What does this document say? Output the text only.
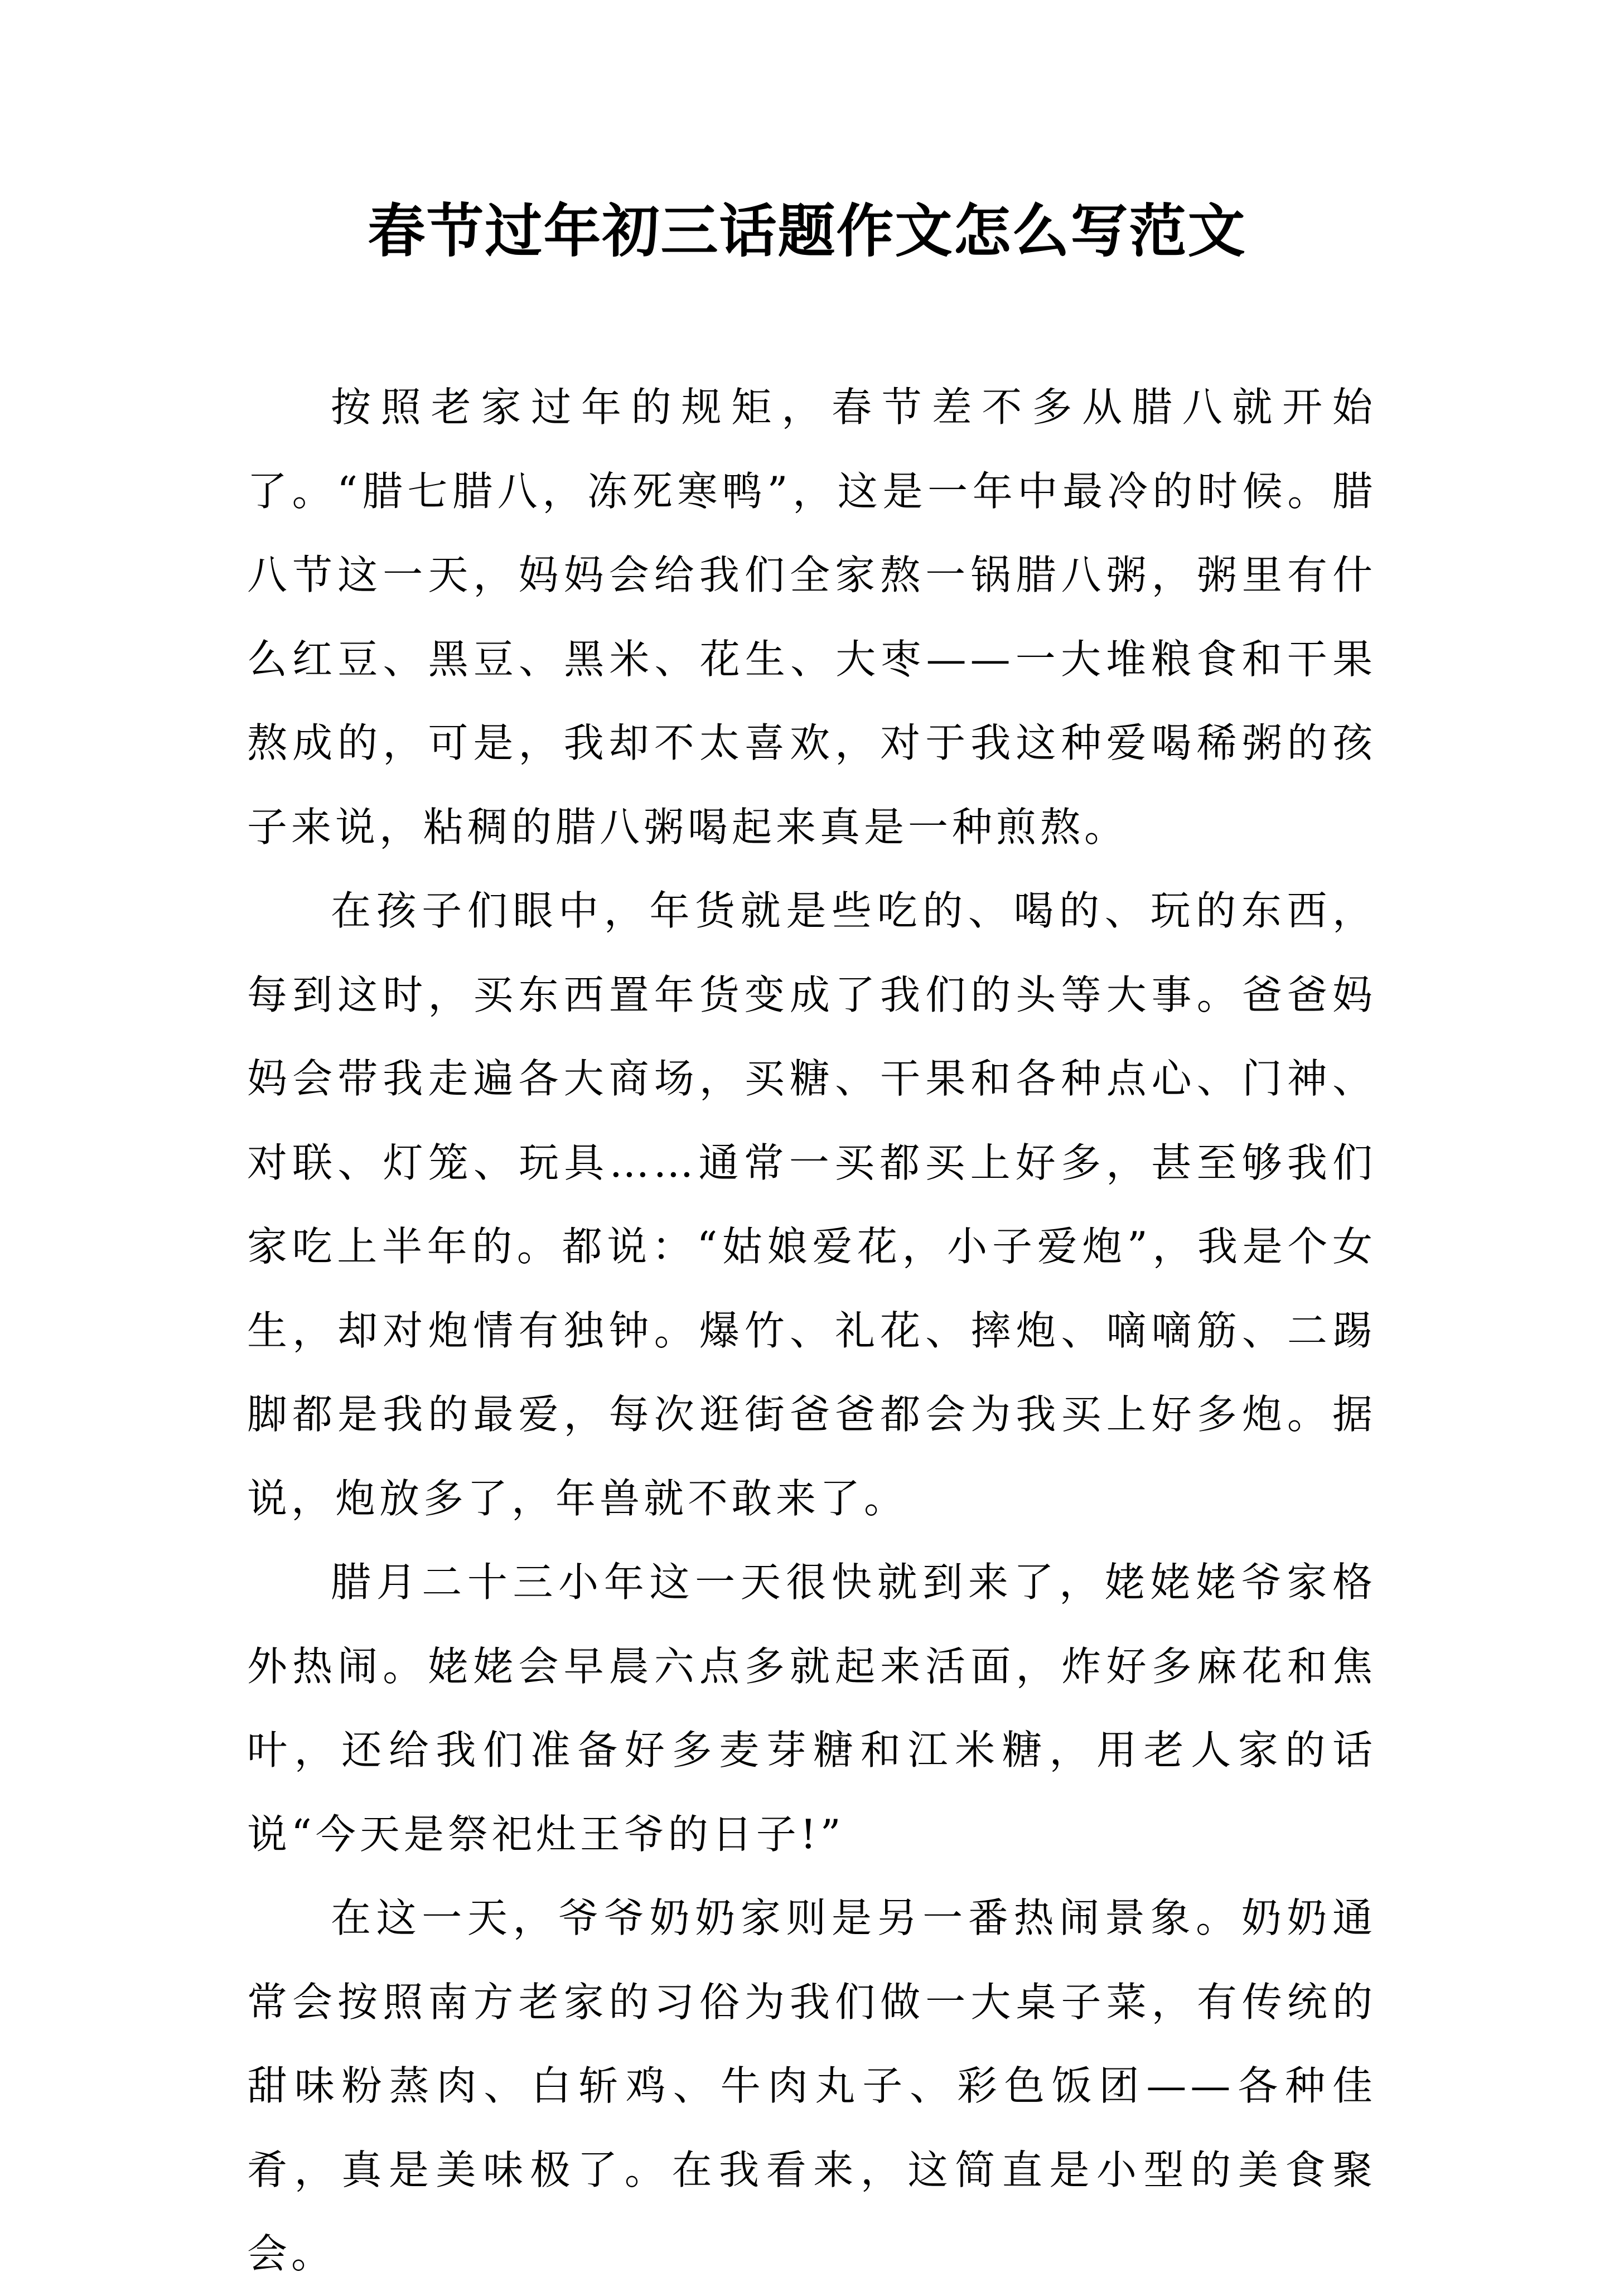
春节过年初三话题作文怎么写范文

按照老家过年的规矩，春节差不多从腊八就开始了。“腊七腊八，冻死寒鸭”，这是一年中最冷的时候。腊八节这一天，妈妈会给我们全家熬一锅腊八粥，粥里有什么红豆、黑豆、黑米、花生、大枣——一大堆粮食和干果熬成的，可是，我却不太喜欢，对于我这种爱喝稀粥的孩子来说，粘稠的腊八粥喝起来真是一种煎熬。

在孩子们眼中，年货就是些吃的、喝的、玩的东西，每到这时，买东西置年货变成了我们的头等大事。爸爸妈妈会带我走遍各大商场，买糖、干果和各种点心、门神、对联、灯笼、玩具……通常一买都买上好多，甚至够我们家吃上半年的。都说：“姑娘爱花，小子爱炮”，我是个女生，却对炮情有独钟。爆竹、礼花、摔炮、嘀嘀筋、二踢脚都是我的最爱，每次逛街爸爸都会为我买上好多炮。据说，炮放多了，年兽就不敢来了。

腊月二十三小年这一天很快就到来了，姥姥姥爷家格外热闹。姥姥会早晨六点多就起来活面，炸好多麻花和焦叶，还给我们准备好多麦芽糖和江米糖，用老人家的话说“今天是祭祀灶王爷的日子!”

在这一天，爷爷奶奶家则是另一番热闹景象。奶奶通常会按照南方老家的习俗为我们做一大桌子菜，有传统的甜味粉蒸肉、白斩鸡、牛肉丸子、彩色饭团——各种佳肴，真是美味极了。在我看来，这简直是小型的美食聚会。
